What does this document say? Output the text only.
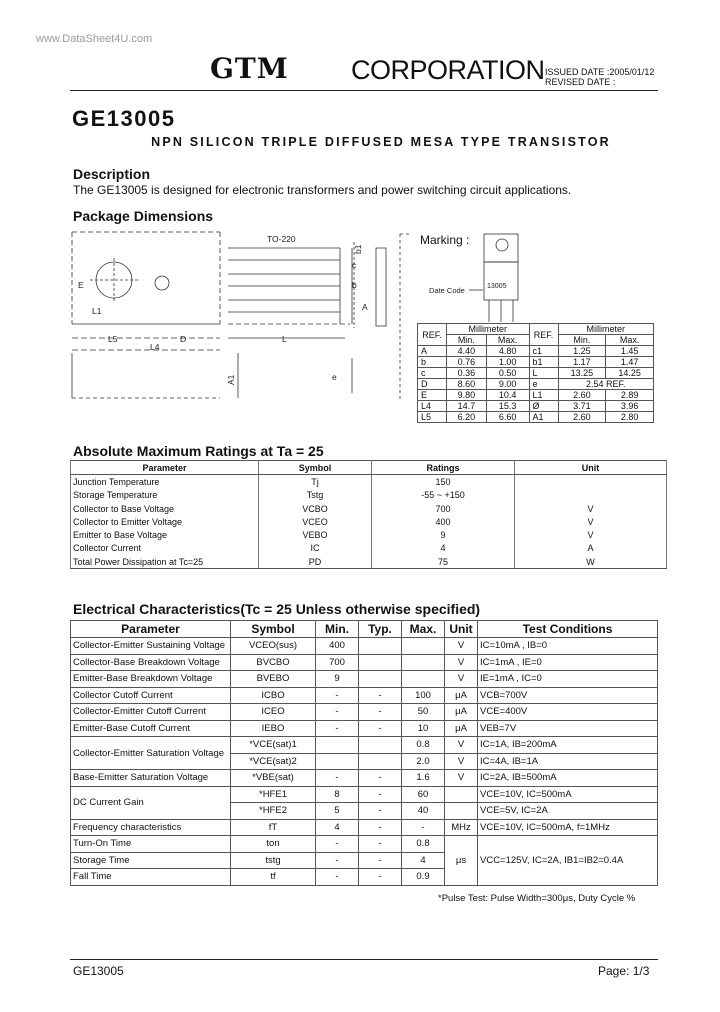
www.DataSheet4U.com
GTM CORPORATION ISSUED DATE :2005/01/12
REVISED DATE :
GE13005
NPN SILICON TRIPLE DIFFUSED MESA TYPE TRANSISTOR
Description
The GE13005 is designed for electronic transformers and power switching circuit applications.
Package Dimensions
TO-220
L1
L5	D
L4
L
A1	e
b1
c
b
A
E
Marking :
13005
Date Code
REF.	Millimeter		REF.	Millimeter	
	Min.	Max.		Min.	Max.
A	4.40	4.80	c1	1.25	1.45
b	0.76	1.00	b1	1.17	1.47
c	0.36	0.50	L	13.25	14.25
D	8.60	9.00	e	2.54 REF.	
E	9.80	10.4	L1	2.60	2.89
L4	14.7	15.3	Ø	3.71	3.96
L5	6.20	6.60	A1	2.60	2.80
Absolute Maximum Ratings at Ta = 25
Parameter	Symbol	Ratings	Unit
Junction Temperature	Tj	150	
Storage Temperature	Tstg	-55 ~ +150	
Collector to Base Voltage	VCBO	700	V
Collector to Emitter Voltage	VCEO	400	V
Emitter to Base Voltage	VEBO	9	V
Collector Current	IC	4	A
Total Power Dissipation at Tc=25	PD	75	W
Electrical Characteristics(Tc = 25 Unless otherwise specified)
Parameter	Symbol	Min.	Typ.	Max.	Unit	Test Conditions
Collector-Emitter Sustaining Voltage	VCEO(sus)	400			V	IC=10mA , IB=0
Collector-Base Breakdown Voltage	BVCBO	700			V	IC=1mA , IE=0
Emitter-Base Breakdown Voltage	BVEBO	9			V	IE=1mA , IC=0
Collector Cutoff Current	ICBO	-	-	100	μA	VCB=700V
Collector-Emitter Cutoff Current	ICEO	-	-	50	μA	VCE=400V
Emitter-Base Cutoff Current	IEBO	-	-	10	μA	VEB=7V
Collector-Emitter Saturation Voltage	*VCE(sat)1			0.8	V	IC=1A, IB=200mA
	*VCE(sat)2			2.0	V	IC=4A, IB=1A
Base-Emitter Saturation Voltage	*VBE(sat)	-	-	1.6	V	IC=2A, IB=500mA
DC Current Gain	*HFE1	8	-	60		VCE=10V, IC=500mA
	*HFE2	5	-	40		VCE=5V, IC=2A
Frequency characteristics	fT	4	-	-	MHz	VCE=10V, IC=500mA, f=1MHz
Turn-On Time	ton	-	-	0.8	μs	VCC=125V, IC=2A, IB1=IB2=0.4A
Storage Time	tstg	-	-	4		
Fall Time	tf	-	-	0.9		
*Pulse Test: Pulse Width=300μs, Duty Cycle %
GE13005	Page: 1/3
